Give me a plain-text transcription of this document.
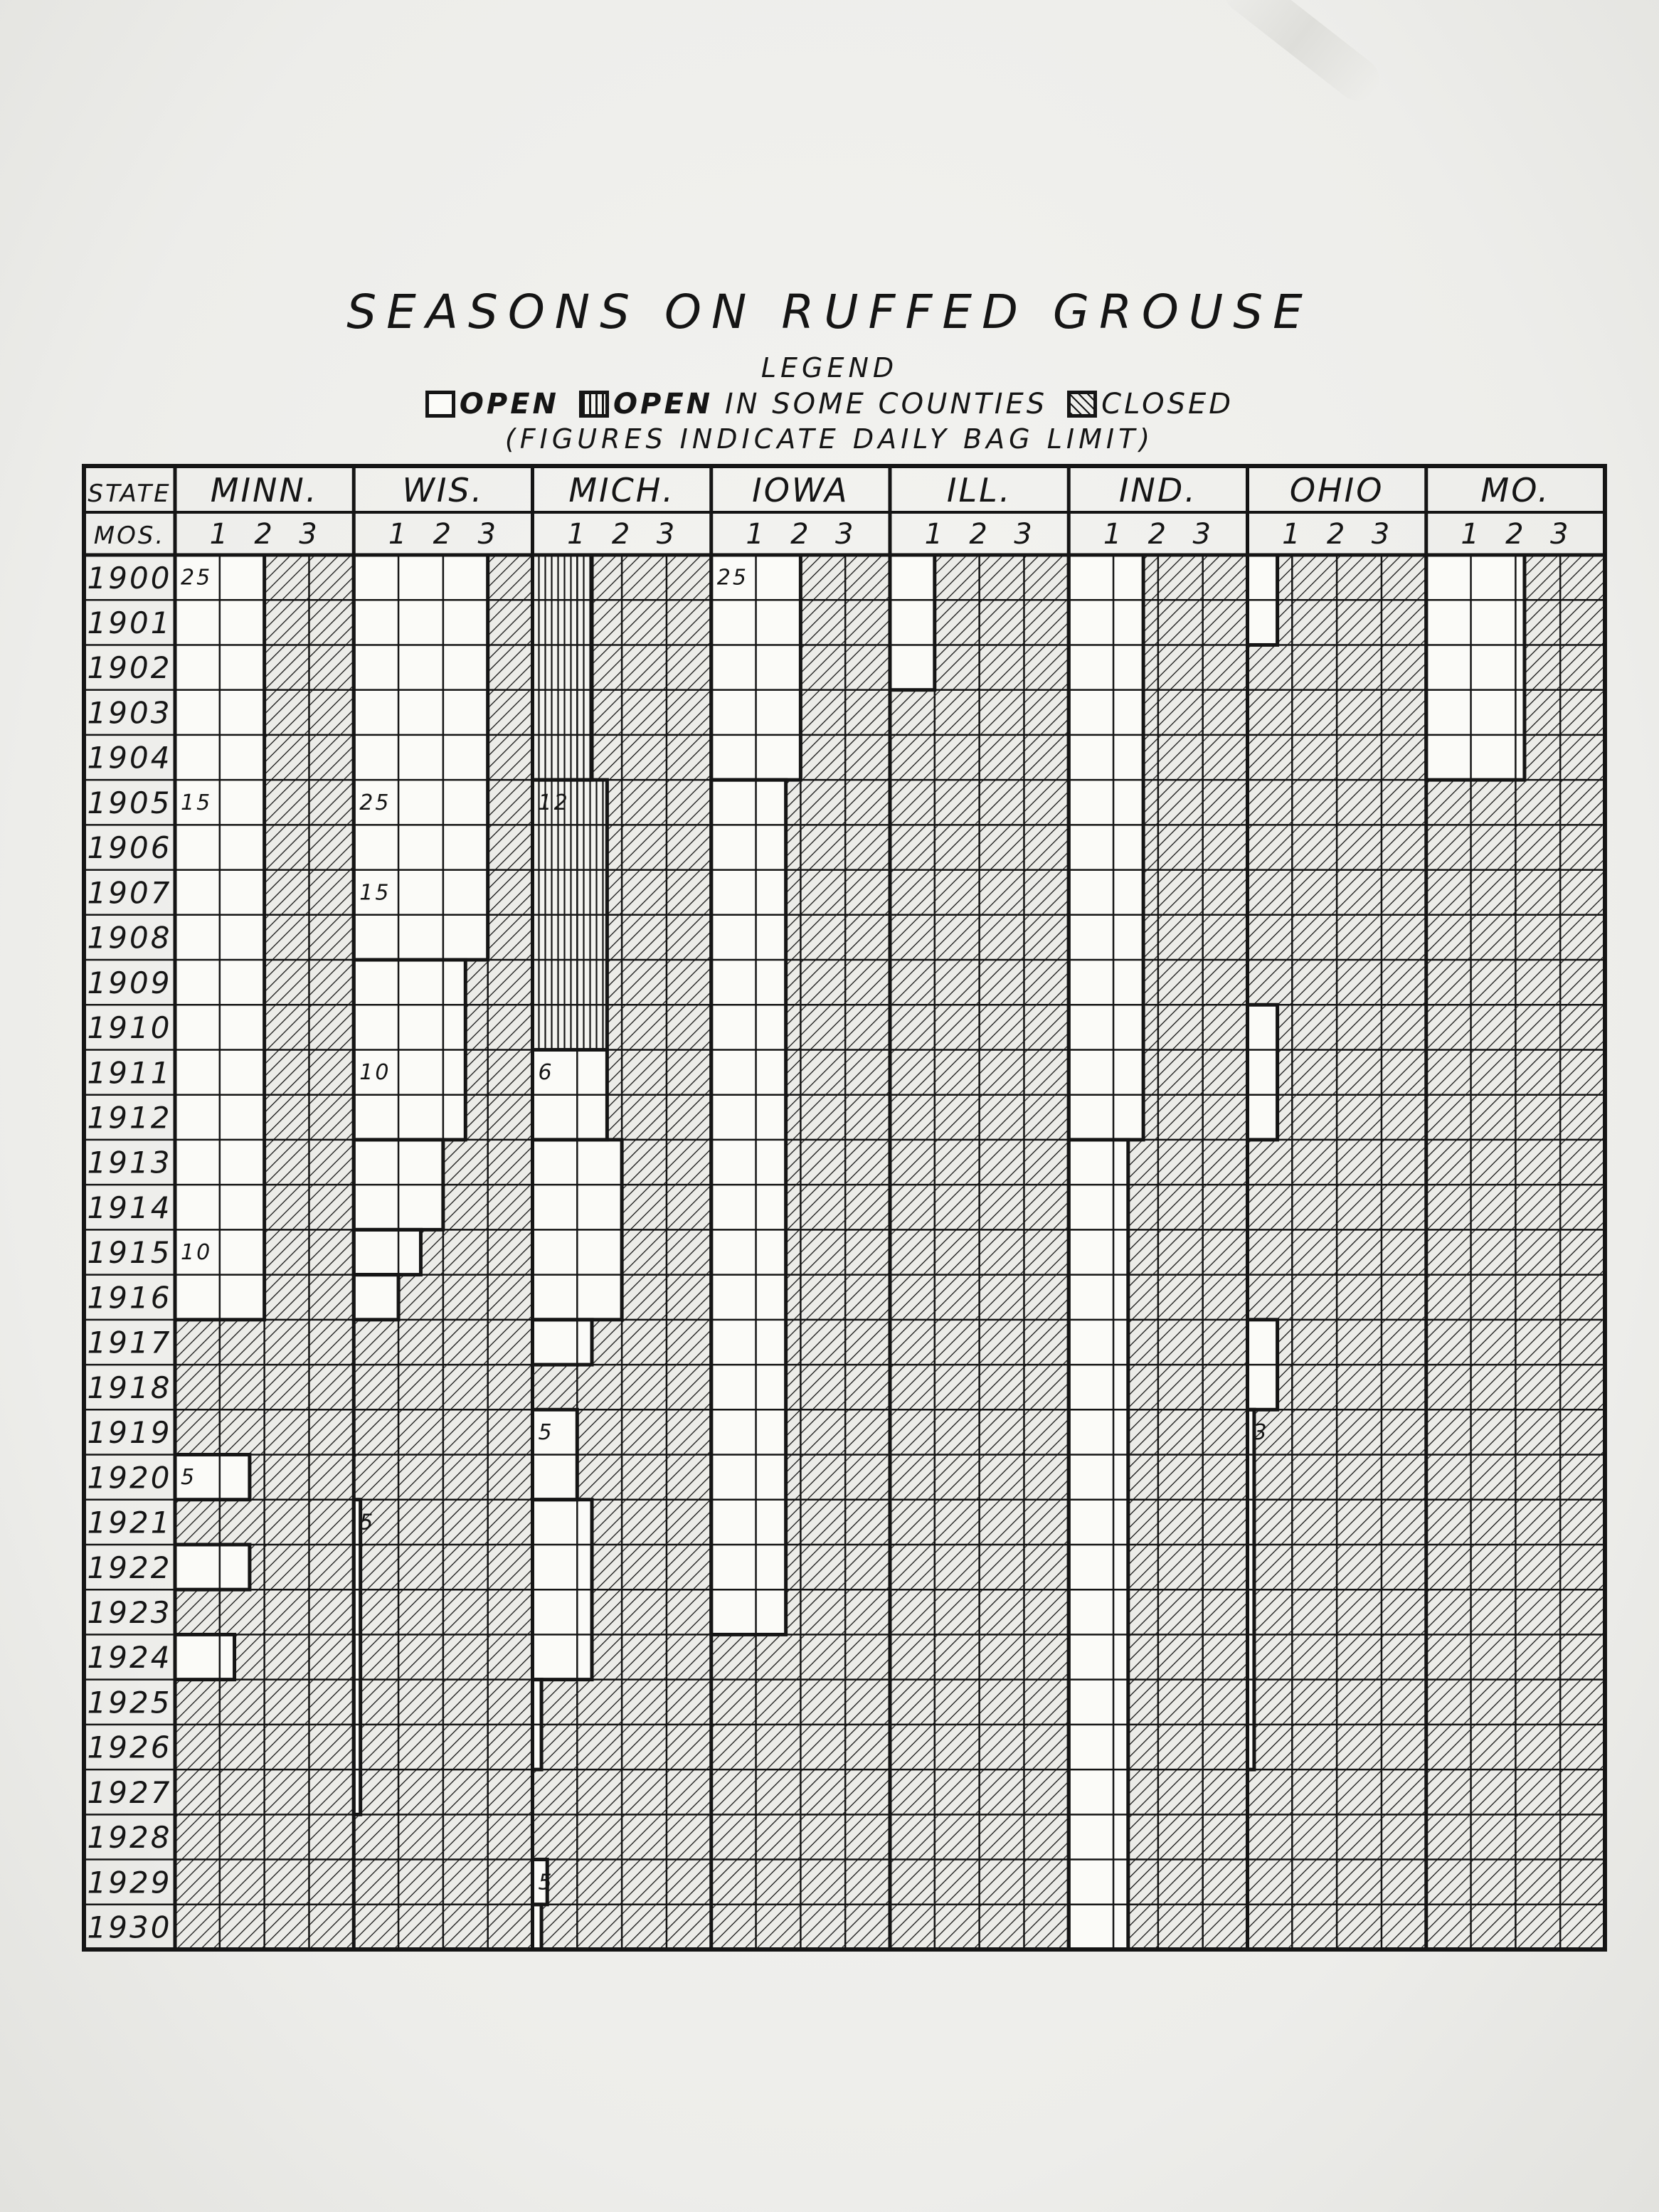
SEASONS ON RUFFED GROUSE
LEGEND
OPEN OPEN
IN SOME COUNTIES CLOSED
(FIGURES INDICATE DAILY BAG LIMIT)
STATE
MOS.
MINN.
1 2 3
WIS.
1 2 3
MICH.
1 2 3
IOWA
1 2 3
ILL.
1 2 3
IND.
1 2 3
OHIO
1 2 3
MO.
1 2 3
1900
1901
1902
1903
1904
1905
1906
1907
1908
1909
1910
1911
1912
1913
1914
1915
1916
1917
1918
1919
1920
1921
1922
1923
1924
1925
1926
1927
1928
1929
1930
25
15
10
5
25
15
10
5
12
6
5
5
25
3
